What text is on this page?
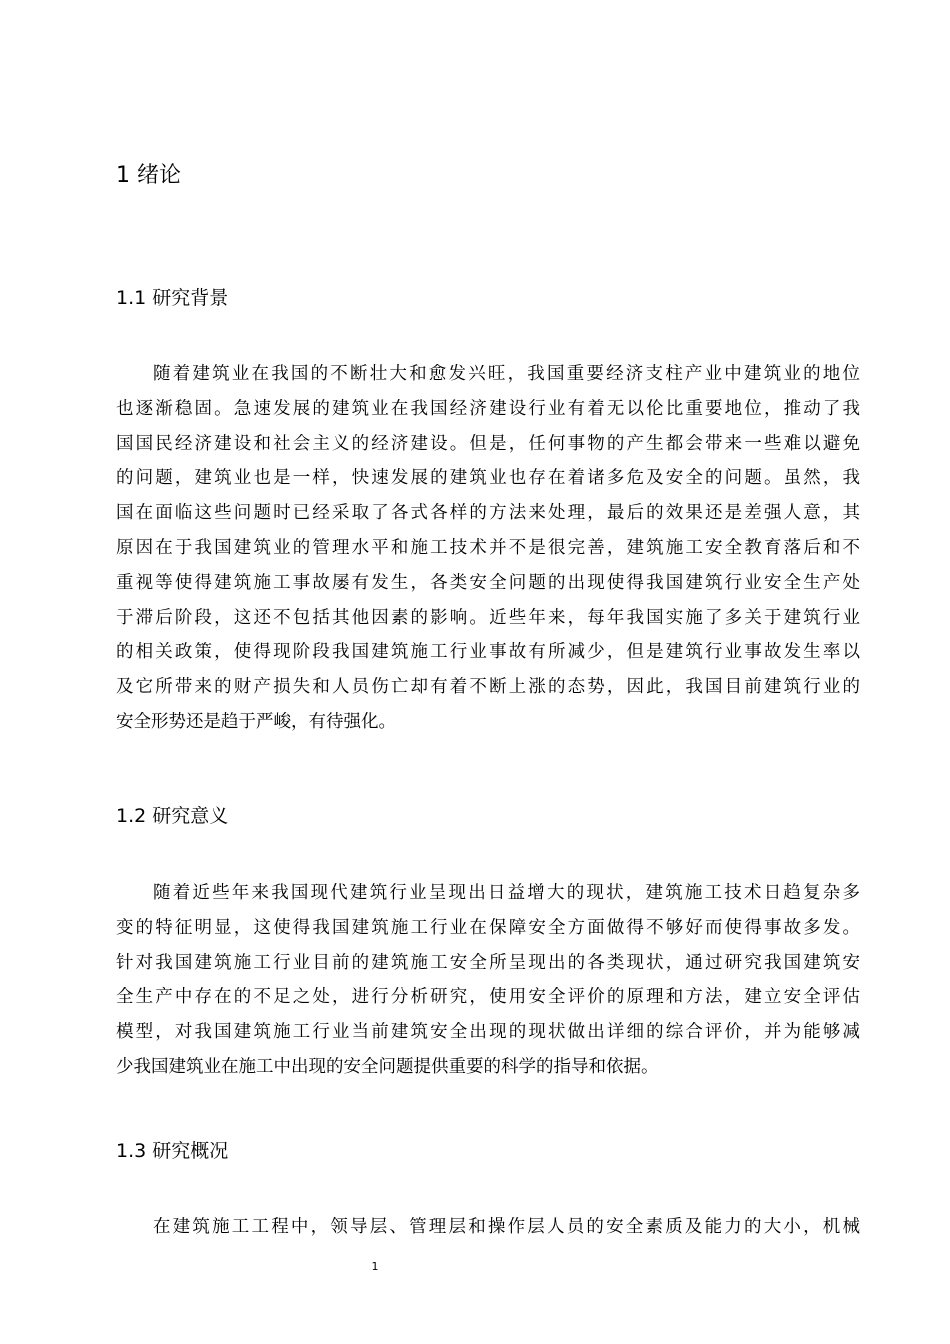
1 绪论
1.1 研究背景
随着建筑业在我国的不断壮大和愈发兴旺，我国重要经济支柱产业中建筑业的地位
也逐渐稳固。急速发展的建筑业在我国经济建设行业有着无以伦比重要地位，推动了我
国国民经济建设和社会主义的经济建设。但是，任何事物的产生都会带来一些难以避免
的问题，建筑业也是一样，快速发展的建筑业也存在着诸多危及安全的问题。虽然，我
国在面临这些问题时已经采取了各式各样的方法来处理，最后的效果还是差强人意，其
原因在于我国建筑业的管理水平和施工技术并不是很完善，建筑施工安全教育落后和不
重视等使得建筑施工事故屡有发生，各类安全问题的出现使得我国建筑行业安全生产处
于滞后阶段，这还不包括其他因素的影响。近些年来，每年我国实施了多关于建筑行业
的相关政策，使得现阶段我国建筑施工行业事故有所减少，但是建筑行业事故发生率以
及它所带来的财产损失和人员伤亡却有着不断上涨的态势，因此，我国目前建筑行业的
安全形势还是趋于严峻，有待强化。
1.2 研究意义
随着近些年来我国现代建筑行业呈现出日益增大的现状，建筑施工技术日趋复杂多
变的特征明显，这使得我国建筑施工行业在保障安全方面做得不够好而使得事故多发。
针对我国建筑施工行业目前的建筑施工安全所呈现出的各类现状，通过研究我国建筑安
全生产中存在的不足之处，进行分析研究，使用安全评价的原理和方法，建立安全评估
模型，对我国建筑施工行业当前建筑安全出现的现状做出详细的综合评价，并为能够减
少我国建筑业在施工中出现的安全问题提供重要的科学的指导和依据。
1.3 研究概况
在建筑施工工程中，领导层、管理层和操作层人员的安全素质及能力的大小，机械
1
